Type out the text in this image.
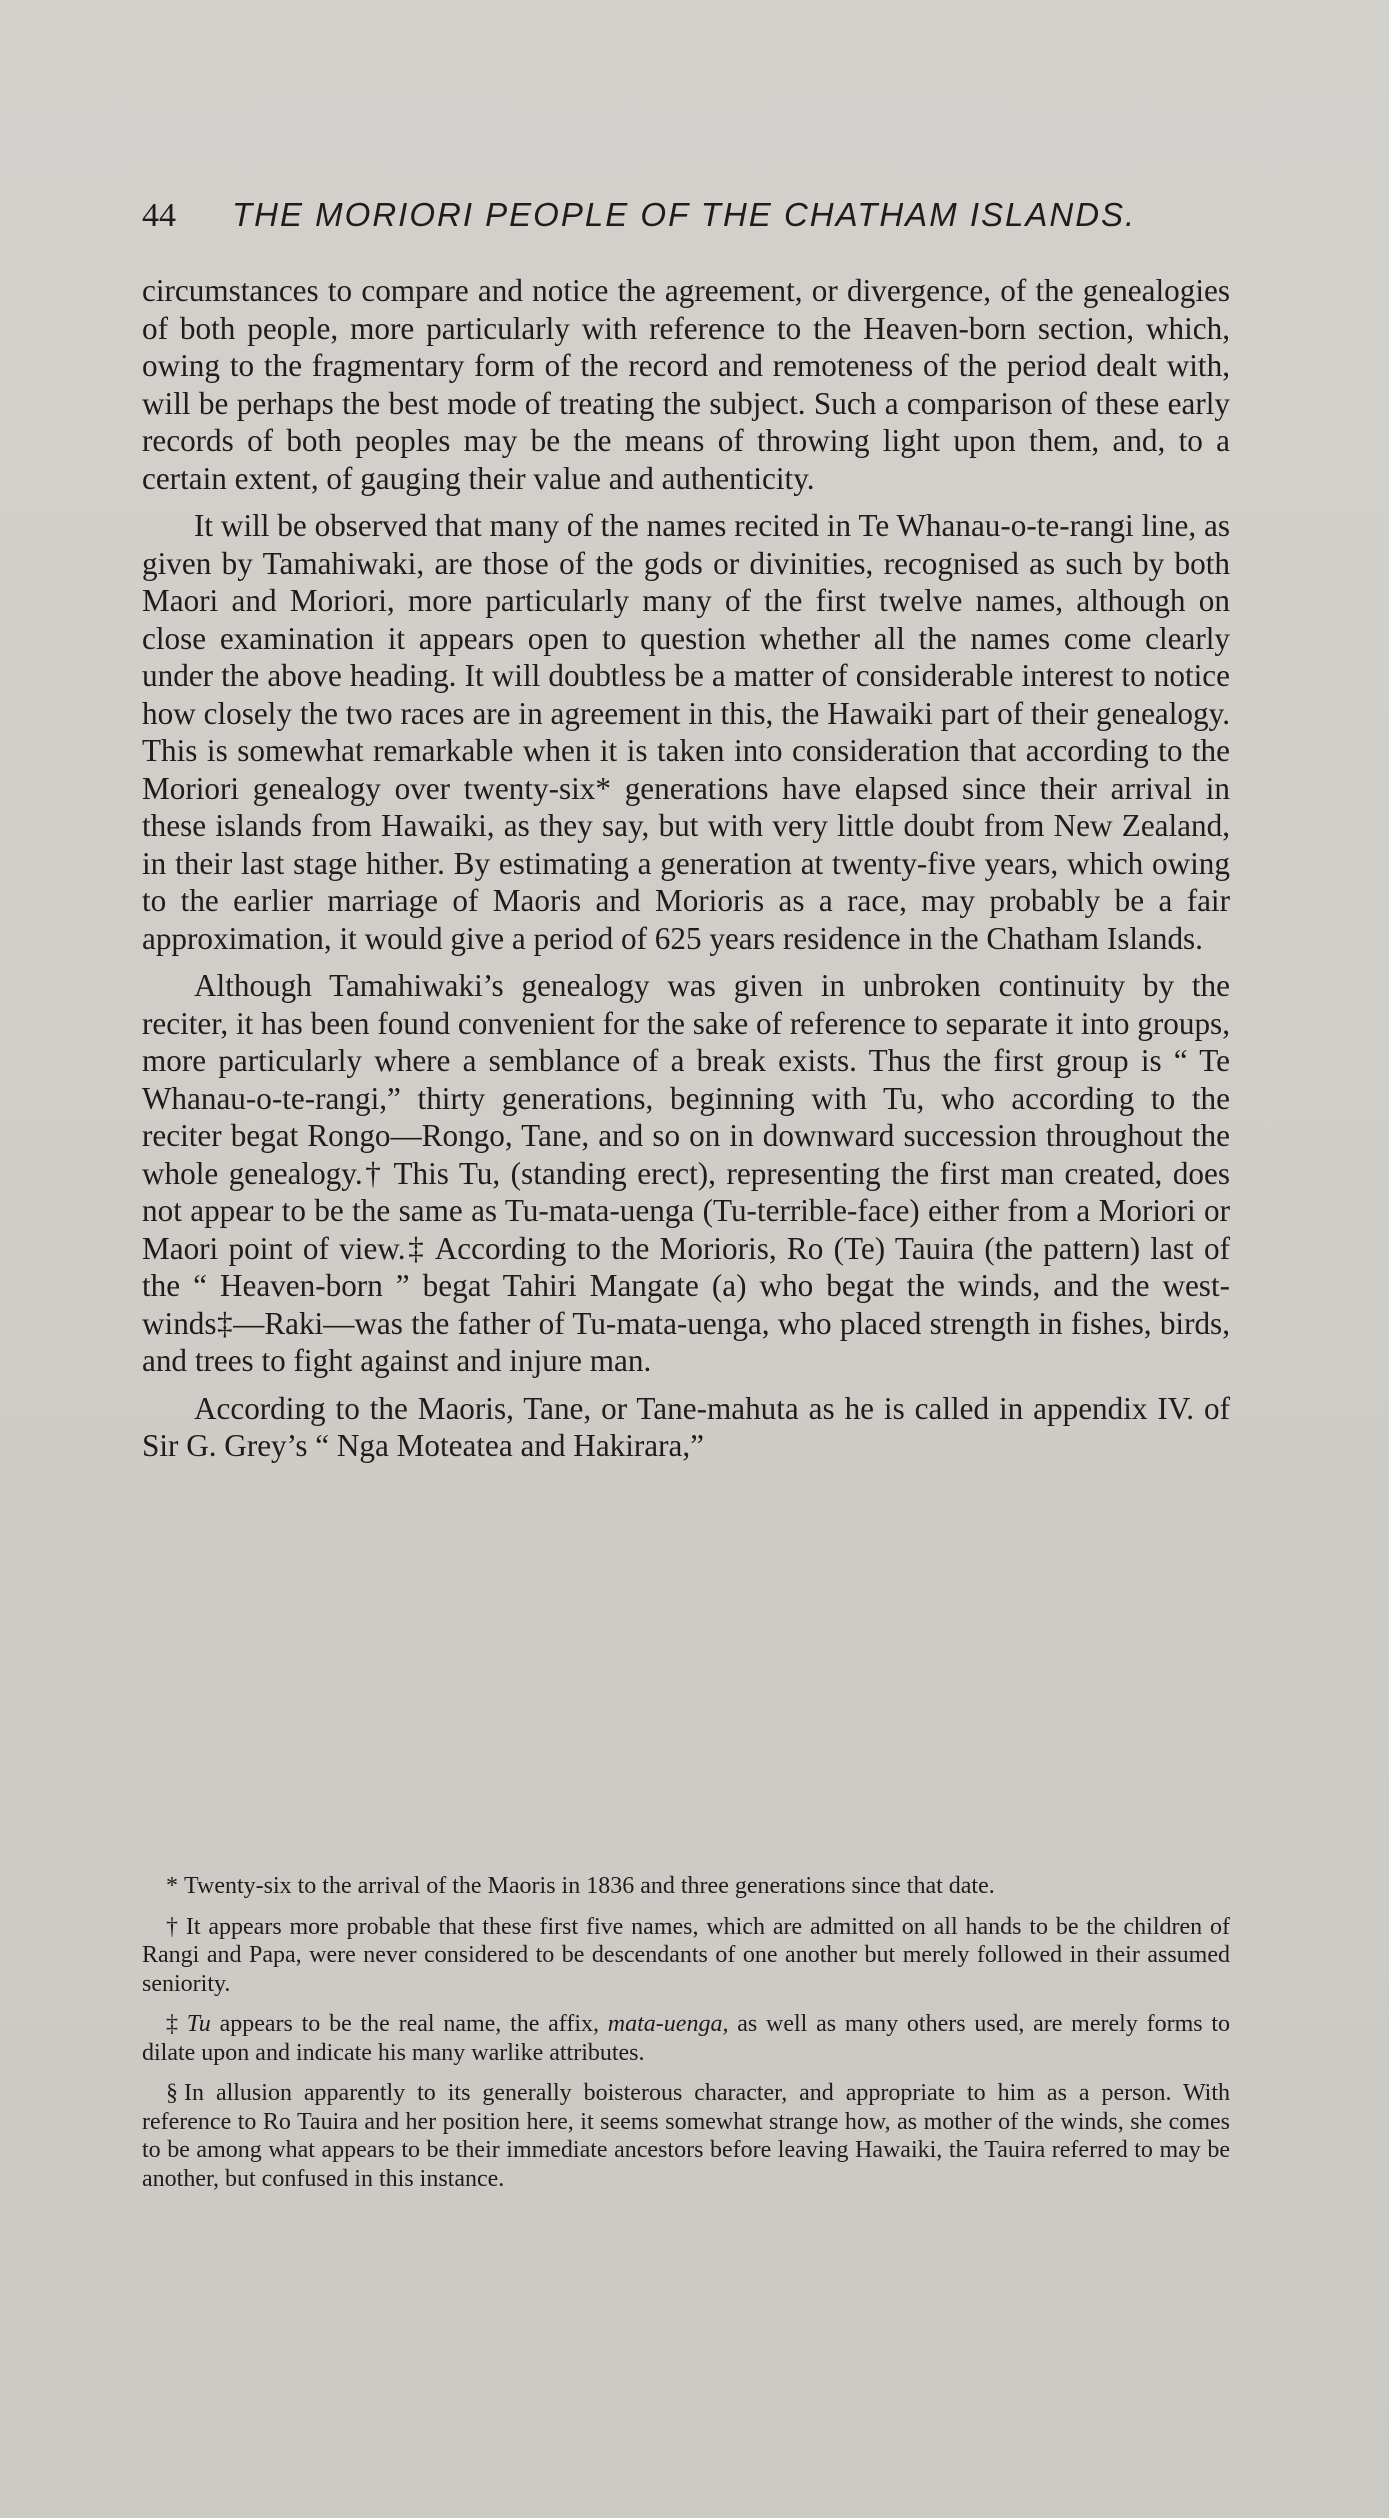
44	THE MORIORI PEOPLE OF THE CHATHAM ISLANDS.

circumstances to compare and notice the agreement, or divergence, of the genealogies of both people, more particularly with reference to the Heaven-born section, which, owing to the fragmentary form of the record and remoteness of the period dealt with, will be perhaps the best mode of treating the subject. Such a comparison of these early records of both peoples may be the means of throwing light upon them, and, to a certain extent, of gauging their value and authenticity.

It will be observed that many of the names recited in Te Whanau-o-te-rangi line, as given by Tamahiwaki, are those of the gods or divinities, recognised as such by both Maori and Moriori, more particularly many of the first twelve names, although on close examination it appears open to question whether all the names come clearly under the above heading. It will doubtless be a matter of considerable interest to notice how closely the two races are in agreement in this, the Hawaiki part of their genealogy. This is somewhat remarkable when it is taken into consideration that according to the Moriori genealogy over twenty-six* generations have elapsed since their arrival in these islands from Hawaiki, as they say, but with very little doubt from New Zealand, in their last stage hither. By estimating a generation at twenty-five years, which owing to the earlier marriage of Maoris and Morioris as a race, may probably be a fair approximation, it would give a period of 625 years residence in the Chatham Islands.

Although Tamahiwaki’s genealogy was given in unbroken continuity by the reciter, it has been found convenient for the sake of reference to separate it into groups, more particularly where a semblance of a break exists. Thus the first group is “ Te Whanau-o-te-rangi,” thirty generations, beginning with Tu, who according to the reciter begat Rongo—Rongo, Tane, and so on in downward succession throughout the whole genealogy.† This Tu, (standing erect), representing the first man created, does not appear to be the same as Tu-mata-uenga (Tu-terrible-face) either from a Moriori or Maori point of view.‡ According to the Morioris, Ro (Te) Tauira (the pattern) last of the “ Heaven-born ” begat Tahiri Mangate (a) who begat the winds, and the west-winds‡—Raki—was the father of Tu-mata-uenga, who placed strength in fishes, birds, and trees to fight against and injure man.

According to the Maoris, Tane, or Tane-mahuta as he is called in appendix IV. of Sir G. Grey’s “ Nga Moteatea and Hakirara,”

* Twenty-six to the arrival of the Maoris in 1836 and three generations since that date.

† It appears more probable that these first five names, which are admitted on all hands to be the children of Rangi and Papa, were never considered to be descendants of one another but merely followed in their assumed seniority.

‡ Tu appears to be the real name, the affix, mata-uenga, as well as many others used, are merely forms to dilate upon and indicate his many warlike attributes.

§ In allusion apparently to its generally boisterous character, and appropriate to him as a person. With reference to Ro Tauira and her position here, it seems somewhat strange how, as mother of the winds, she comes to be among what appears to be their immediate ancestors before leaving Hawaiki, the Tauira referred to may be another, but confused in this instance.
